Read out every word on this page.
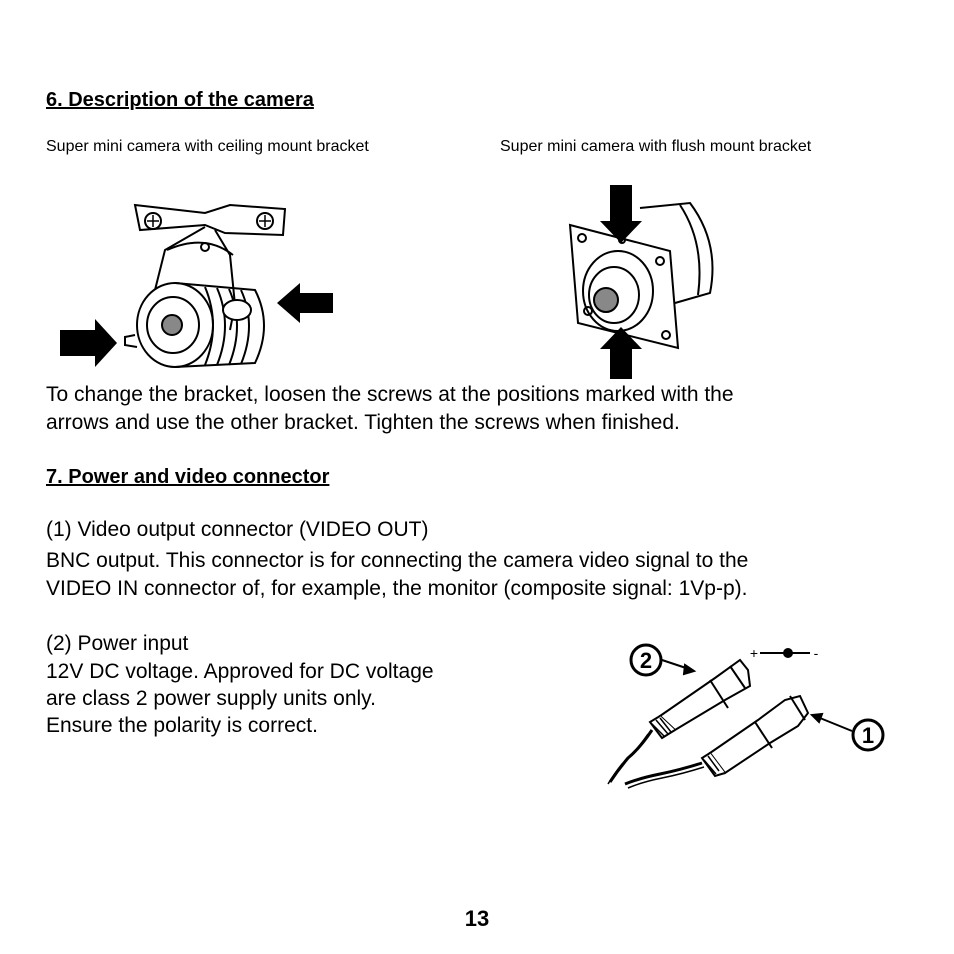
6. Description of the camera
Super mini camera with ceiling mount bracket	Super mini camera with flush mount bracket
To change the bracket, loosen the screws at the positions marked with the
arrows and use the other bracket. Tighten the screws when finished.
7. Power and video connector
(1) Video output connector (VIDEO OUT)
BNC output. This connector is for connecting the camera video signal to the
VIDEO IN connector of, for example, the monitor (composite signal: 1Vp-p).
(2) Power input
12V DC voltage. Approved for DC voltage
are class 2 power supply units only.
Ensure the polarity is correct.
2
1
+	-
13
